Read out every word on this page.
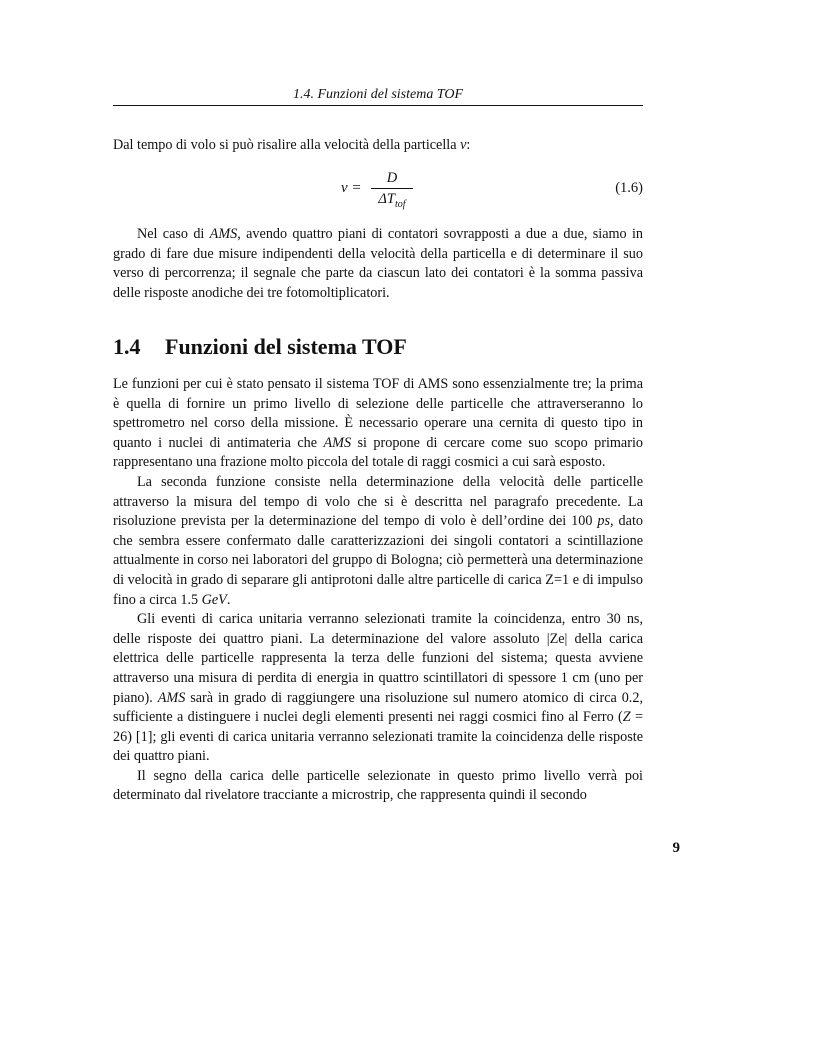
1.4. Funzioni del sistema TOF

Dal tempo di volo si può risalire alla velocità della particella v:

v =
D
$\Delta T_{tof}$
(1.6)

Nel caso di AMS, avendo quattro piani di contatori sovrapposti a due a due, siamo in grado di fare due misure indipendenti della velocità della particella e di determinare il suo verso di percorrenza; il segnale che parte da ciascun lato dei contatori è la somma passiva delle risposte anodiche dei tre fotomoltiplicatori.

1.4 Funzioni del sistema TOF

Le funzioni per cui è stato pensato il sistema TOF di AMS sono essenzialmente tre; la prima è quella di fornire un primo livello di selezione delle particelle che attraverseranno lo spettrometro nel corso della missione. È necessario operare una cernita di questo tipo in quanto i nuclei di antimateria che AMS si propone di cercare come suo scopo primario rappresentano una frazione molto piccola del totale di raggi cosmici a cui sarà esposto.

La seconda funzione consiste nella determinazione della velocità delle particelle attraverso la misura del tempo di volo che si è descritta nel paragrafo precedente. La risoluzione prevista per la determinazione del tempo di volo è dell’ordine dei 100 ps, dato che sembra essere confermato dalle caratterizzazioni dei singoli contatori a scintillazione attualmente in corso nei laboratori del gruppo di Bologna; ciò permetterà una determinazione di velocità in grado di separare gli antiprotoni dalle altre particelle di carica Z=1 e di impulso fino a circa 1.5 GeV.

Gli eventi di carica unitaria verranno selezionati tramite la coincidenza, entro 30 ns, delle risposte dei quattro piani. La determinazione del valore assoluto |Ze| della carica elettrica delle particelle rappresenta la terza delle funzioni del sistema; questa avviene attraverso una misura di perdita di energia in quattro scintillatori di spessore 1 cm (uno per piano). AMS sarà in grado di raggiungere una risoluzione sul numero atomico di circa 0.2, sufficiente a distinguere i nuclei degli elementi presenti nei raggi cosmici fino al Ferro (Z = 26) [1]; gli eventi di carica unitaria verranno selezionati tramite la coincidenza delle risposte dei quattro piani.

Il segno della carica delle particelle selezionate in questo primo livello verrà poi determinato dal rivelatore tracciante a microstrip, che rappresenta quindi il secondo

9
